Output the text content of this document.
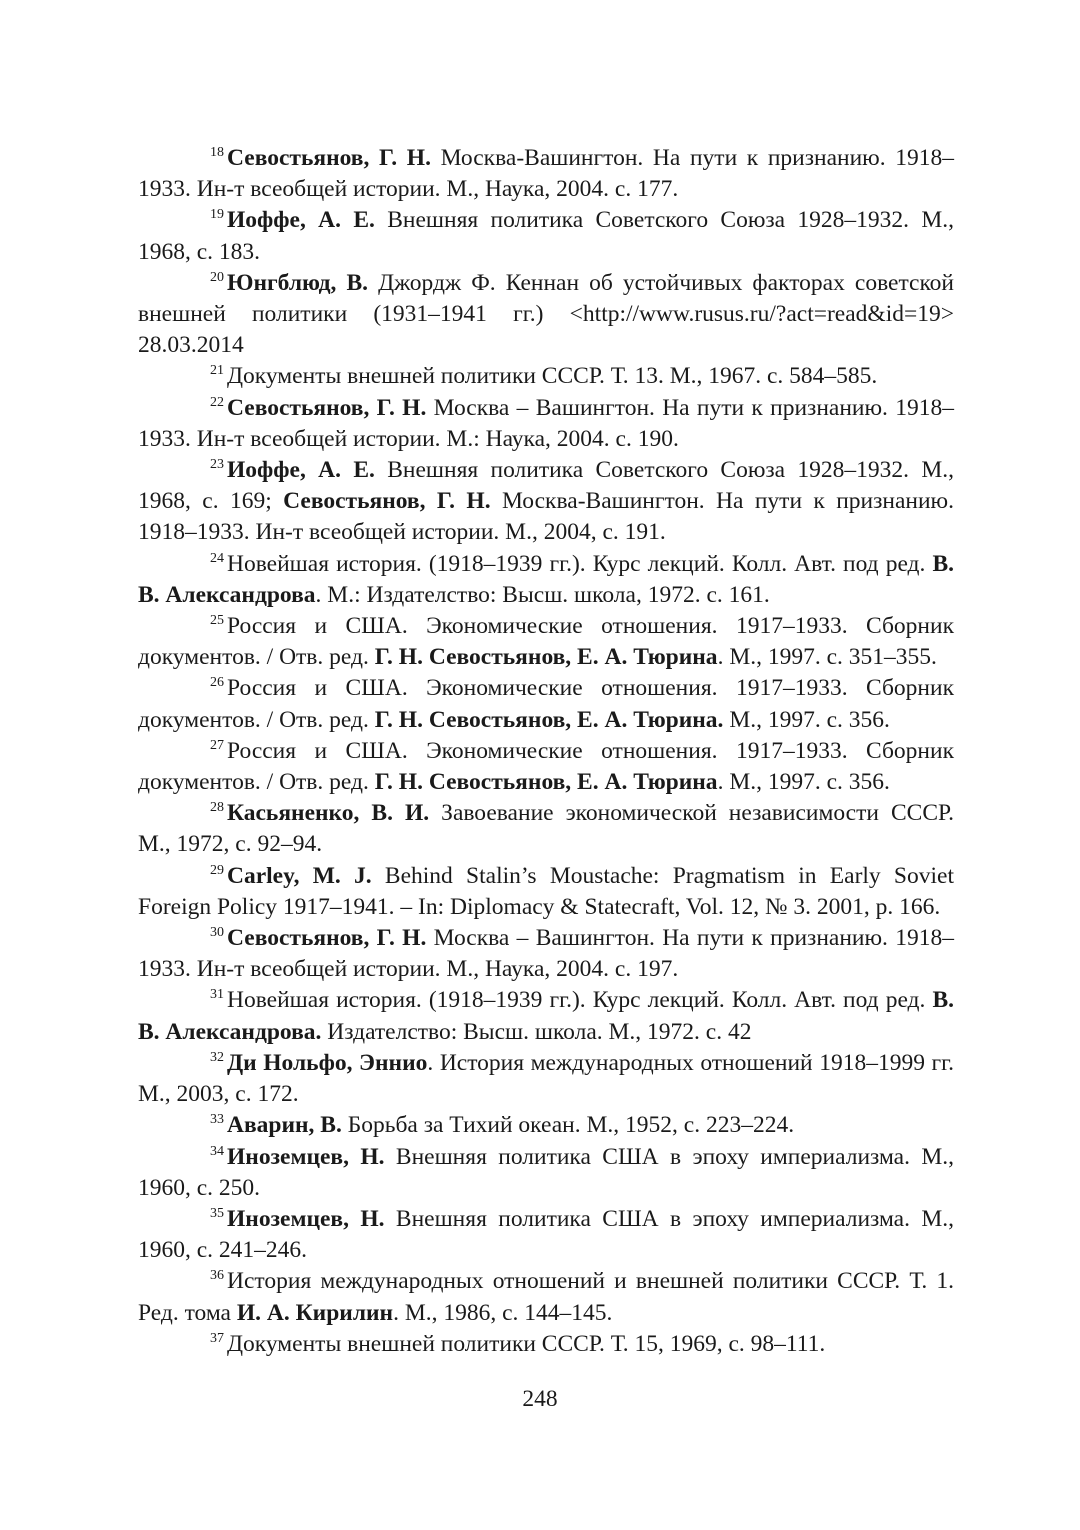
$^{18}$ Севостьянов, Г. Н. Москва-Вашингтон. На пути к признанию. 1918–1933. Ин-т всеобщей истории. М., Наука, 2004. с. 177.

$^{19}$ Иоффе, А. Е. Внешняя политика Советского Союза 1928–1932. М., 1968, с. 183.

$^{20}$ Юнгблюд, В. Джордж Ф. Кеннан об устойчивых факторах советской внешней политики (1931–1941 гг.) <http://www.rusus.ru/?act=read&id=19> 28.03.2014

$^{21}$ Документы внешней политики СССР. Т. 13. М., 1967. с. 584–585.

$^{22}$ Севостьянов, Г. Н. Москва – Вашингтон. На пути к признанию. 1918–1933. Ин-т всеобщей истории. М.: Наука, 2004. с. 190.

$^{23}$ Иоффе, А. Е. Внешняя политика Советского Союза 1928–1932. М., 1968, с. 169; Севостьянов, Г. Н. Москва-Вашингтон. На пути к признанию. 1918–1933. Ин-т всеобщей истории. М., 2004, с. 191.

$^{24}$ Новейшая история. (1918–1939 гг.). Курс лекций. Колл. Авт. под ред. В. В. Александрова. М.: Издателство: Высш. школа, 1972. с. 161.

$^{25}$ Россия и США. Экономические отношения. 1917–1933. Сборник документов. / Отв. ред. Г. Н. Севостьянов, Е. А. Тюрина. М., 1997. с. 351–355.

$^{26}$ Россия и США. Экономические отношения. 1917–1933. Сборник документов. / Отв. ред. Г. Н. Севостьянов, Е. А. Тюрина. М., 1997. с. 356.

$^{27}$ Россия и США. Экономические отношения. 1917–1933. Сборник документов. / Отв. ред. Г. Н. Севостьянов, Е. А. Тюрина. М., 1997. с. 356.

$^{28}$ Касьяненко, В. И. Завоевание экономической независимости СССР. М., 1972, с. 92–94.

$^{29}$ Carley, M. J. Behind Stalin’s Moustache: Pragmatism in Early Soviet Foreign Policy 1917–1941. – In: Diplomacy & Statecraft, Vol. 12, № 3. 2001, p. 166.

$^{30}$ Севостьянов, Г. Н. Москва – Вашингтон. На пути к признанию. 1918–1933. Ин-т всеобщей истории. М., Наука, 2004. с. 197.

$^{31}$ Новейшая история. (1918–1939 гг.). Курс лекций. Колл. Авт. под ред. В. В. Александрова. Издателство: Высш. школа. М., 1972. с. 42

$^{32}$ Ди Нольфо, Эннио. История международных отношений 1918–1999 гг. М., 2003, с. 172.

$^{33}$ Аварин, В. Борьба за Тихий океан. М., 1952, с. 223–224.

$^{34}$ Иноземцев, Н. Внешняя политика США в эпоху империализма. М., 1960, с. 250.

$^{35}$ Иноземцев, Н. Внешняя политика США в эпоху империализма. М., 1960, с. 241–246.

$^{36}$ История международных отношений и внешней политики СССР. Т. 1. Ред. тома И. А. Кирилин. М., 1986, с. 144–145.

$^{37}$ Документы внешней политики СССР. Т. 15, 1969, с. 98–111.

248
